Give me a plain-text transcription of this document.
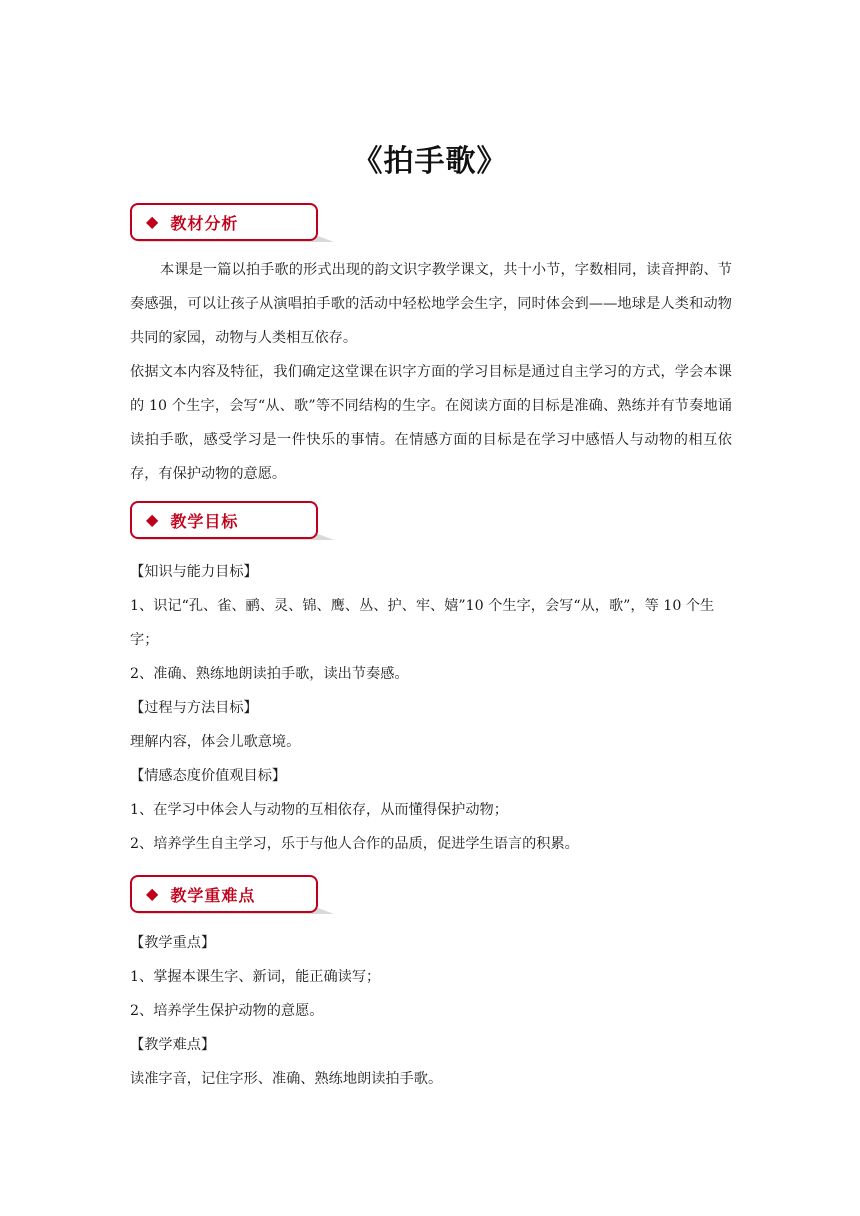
《拍手歌》
◆ 教材分析

本课是一篇以拍手歌的形式出现的韵文识字教学课文，共十小节，字数相同，读音押韵、节奏感强，可以让孩子从演唱拍手歌的活动中轻松地学会生字，同时体会到——地球是人类和动物共同的家园，动物与人类相互依存。

依据文本内容及特征，我们确定这堂课在识字方面的学习目标是通过自主学习的方式，学会本课的 10 个生字，会写“从、歌”等不同结构的生字。在阅读方面的目标是准确、熟练并有节奏地诵读拍手歌，感受学习是一件快乐的事情。在情感方面的目标是在学习中感悟人与动物的相互依存，有保护动物的意愿。

◆ 教学目标

【知识与能力目标】

1、识记“孔、雀、鹂、灵、锦、鹰、丛、护、牢、嬉”10 个生字，会写“从，歌”，等 10 个生字；

2、准确、熟练地朗读拍手歌，读出节奏感。

【过程与方法目标】

理解内容，体会儿歌意境。

【情感态度价值观目标】

1、在学习中体会人与动物的互相依存，从而懂得保护动物；

2、培养学生自主学习，乐于与他人合作的品质，促进学生语言的积累。

◆ 教学重难点

【教学重点】

1、掌握本课生字、新词，能正确读写；

2、培养学生保护动物的意愿。

【教学难点】

读准字音，记住字形、准确、熟练地朗读拍手歌。
